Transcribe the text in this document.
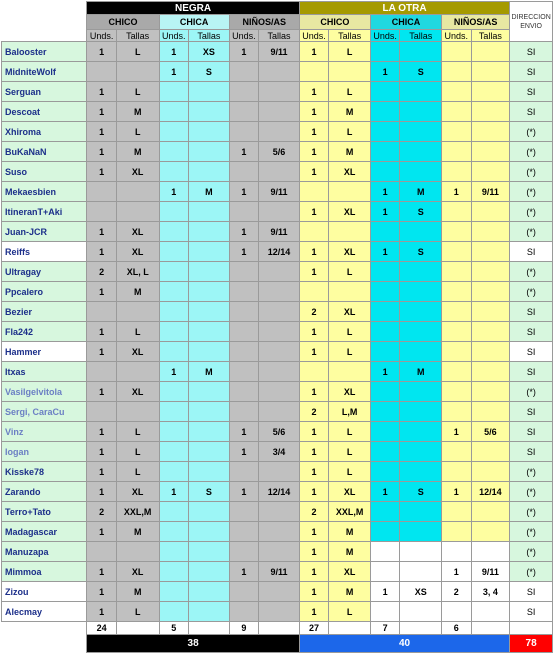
	NEGRA						LA OTRA						DIRECCION ENVIO
	CHICO		CHICA		NIÑOS/AS		CHICO		CHICA		NIÑOS/AS		
	Unds.	Tallas	Unds.	Tallas	Unds.	Tallas	Unds.	Tallas	Unds.	Tallas	Unds.	Tallas	
Balooster	1	L	1	XS	1	9/11	1	L					SI
MidniteWolf			1	S					1	S			SI
Serguan	1	L					1	L					SI
Descoat	1	M					1	M					SI
Xhiroma	1	L					1	L					(*)
BuKaNaN	1	M			1	5/6	1	M					(*)
Suso	1	XL					1	XL					(*)
Mekaesbien			1	M	1	9/11			1	M	1	9/11	(*)
ItineranT+Aki							1	XL	1	S			(*)
Juan-JCR	1	XL			1	9/11							(*)
Reiffs	1	XL			1	12/14	1	XL	1	S			SI
Ultragay	2	XL, L					1	L					(*)
Ppcalero	1	M											(*)
Bezier							2	XL					SI
Fla242	1	L					1	L					SI
Hammer	1	XL					1	L					SI
Itxas			1	M					1	M			SI
Vasilgelvitola	1	XL					1	XL					(*)
Sergi, CaraCu							2	L,M					SI
Vinz	1	L			1	5/6	1	L			1	5/6	SI
Iogan	1	L			1	3/4	1	L					SI
Kisske78	1	L					1	L					(*)
Zarando	1	XL	1	S	1	12/14	1	XL	1	S	1	12/14	(*)
Terro+Tato	2	XXL,M					2	XXL,M					(*)
Madagascar	1	M					1	M					(*)
Manuzapa							1	M					(*)
Mimmoa	1	XL			1	9/11	1	XL			1	9/11	(*)
Zizou	1	M					1	M	1	XS	2	3, 4	SI
Alecmay	1	L					1	L					SI
	24		5		9		27		7		6		
	38						40						78
